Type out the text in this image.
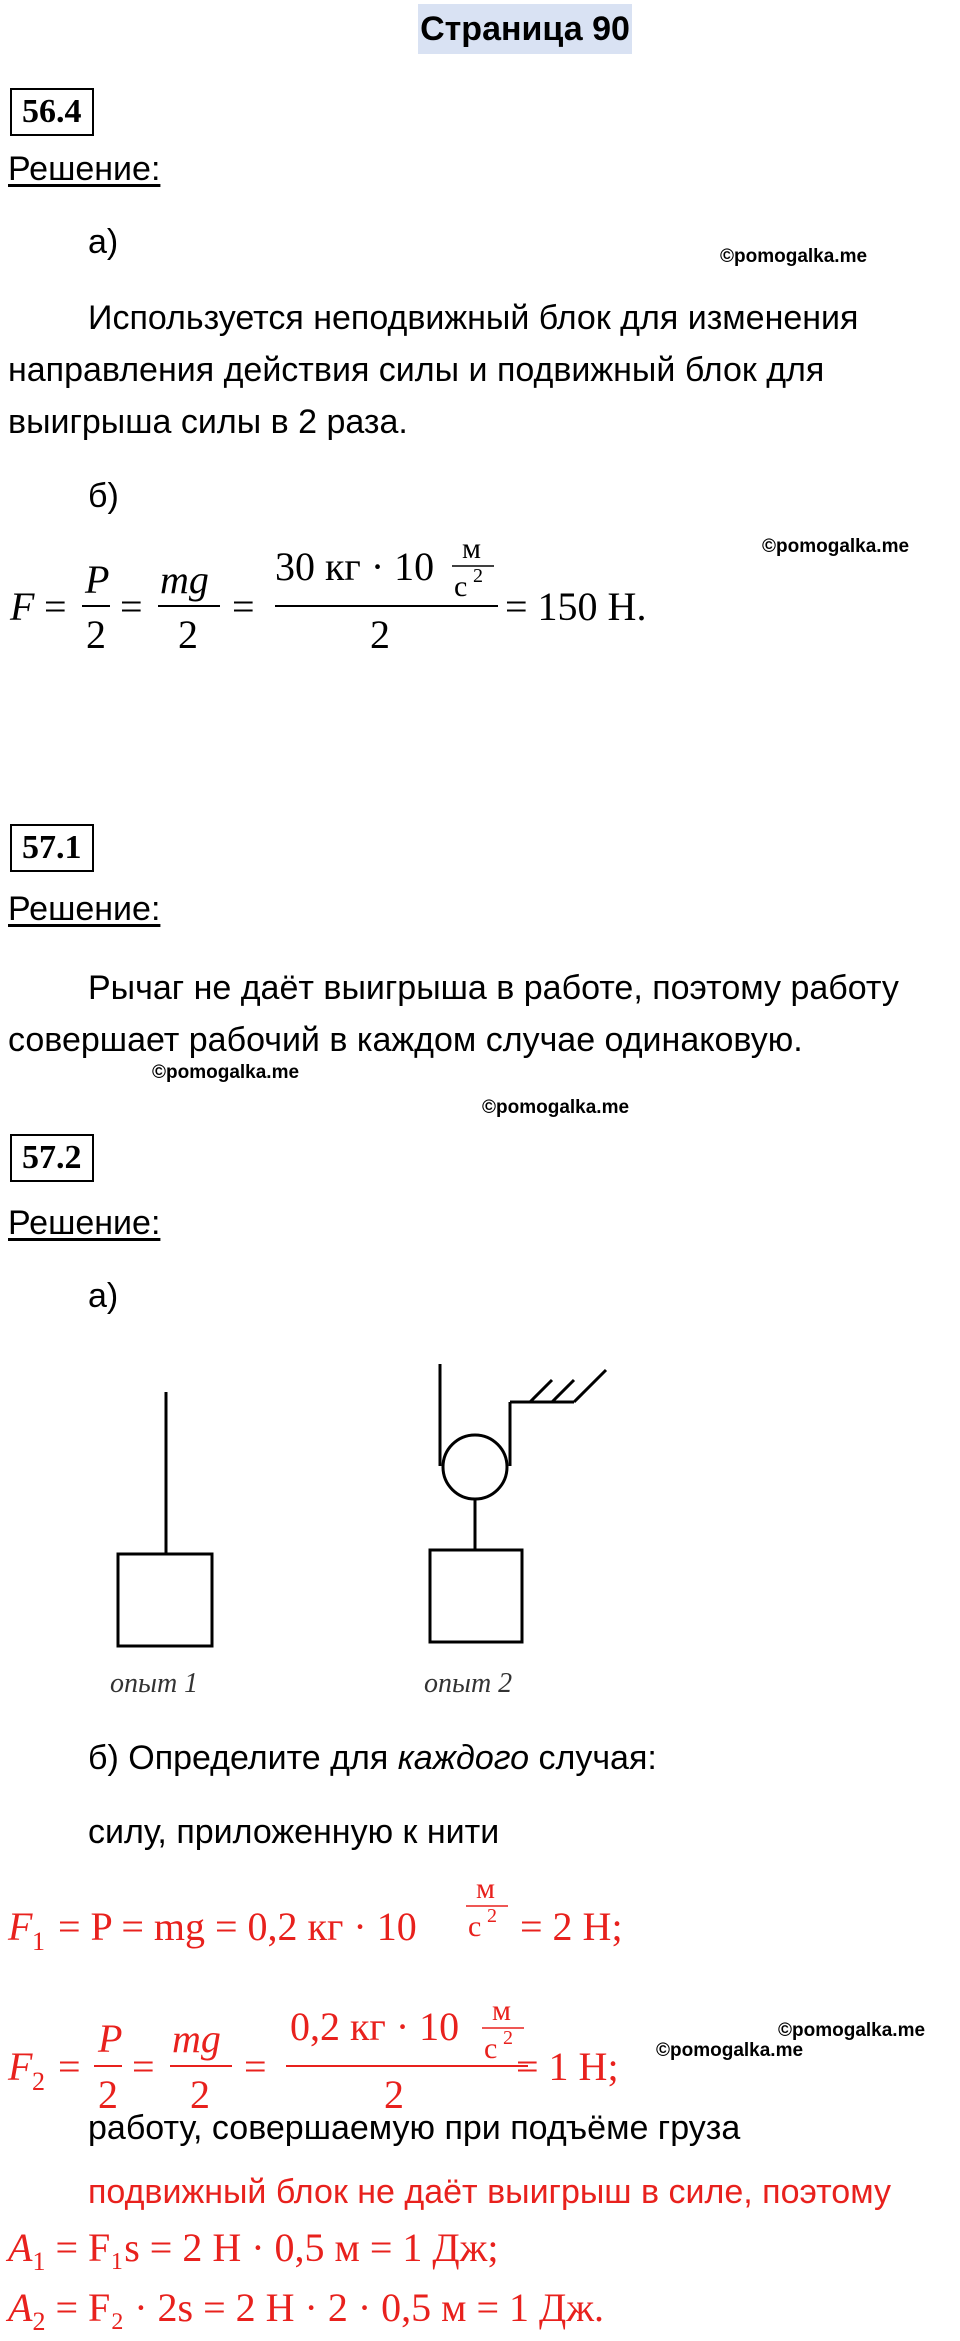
Страница 90
56.4
Решение:
а)	©pomogalka.me
Используется неподвижный блок для изменения
направления действия силы и подвижный блок для
выигрыша силы в 2 раза.
б)
©pomogalka.me
F =
P
2
=
mg
2
=
30 кг · 10 м
с 2
2
= 150 Н.
57.1
Решение:
Рычаг не даёт выигрыша в работе, поэтому работу
совершает рабочий в каждом случае одинаковую.
©pomogalka.me
©pomogalka.me
57.2
Решение:
а)
опыт 1	опыт 2
б) Определите для каждого случая:
силу, приложенную к нити
F 1 = P = mg = 0,2 кг · 10
м
с 2 = 2 Н;
F 2 =
P
2
=
mg
2
=
0,2 кг · 10 м
с 2
2
= 1 Н;
©pomogalka.me
©pomogalka.me
работу, совершаемую при подъёме груза
подвижный блок не даёт выигрыш в силе, поэтому
$A_1 = F_1s = 2$ Н · 0,5 м = 1 Дж;
$A_2 = F_2 \cdot 2s = 2$ Н · 2 · 0,5 м = 1 Дж.
